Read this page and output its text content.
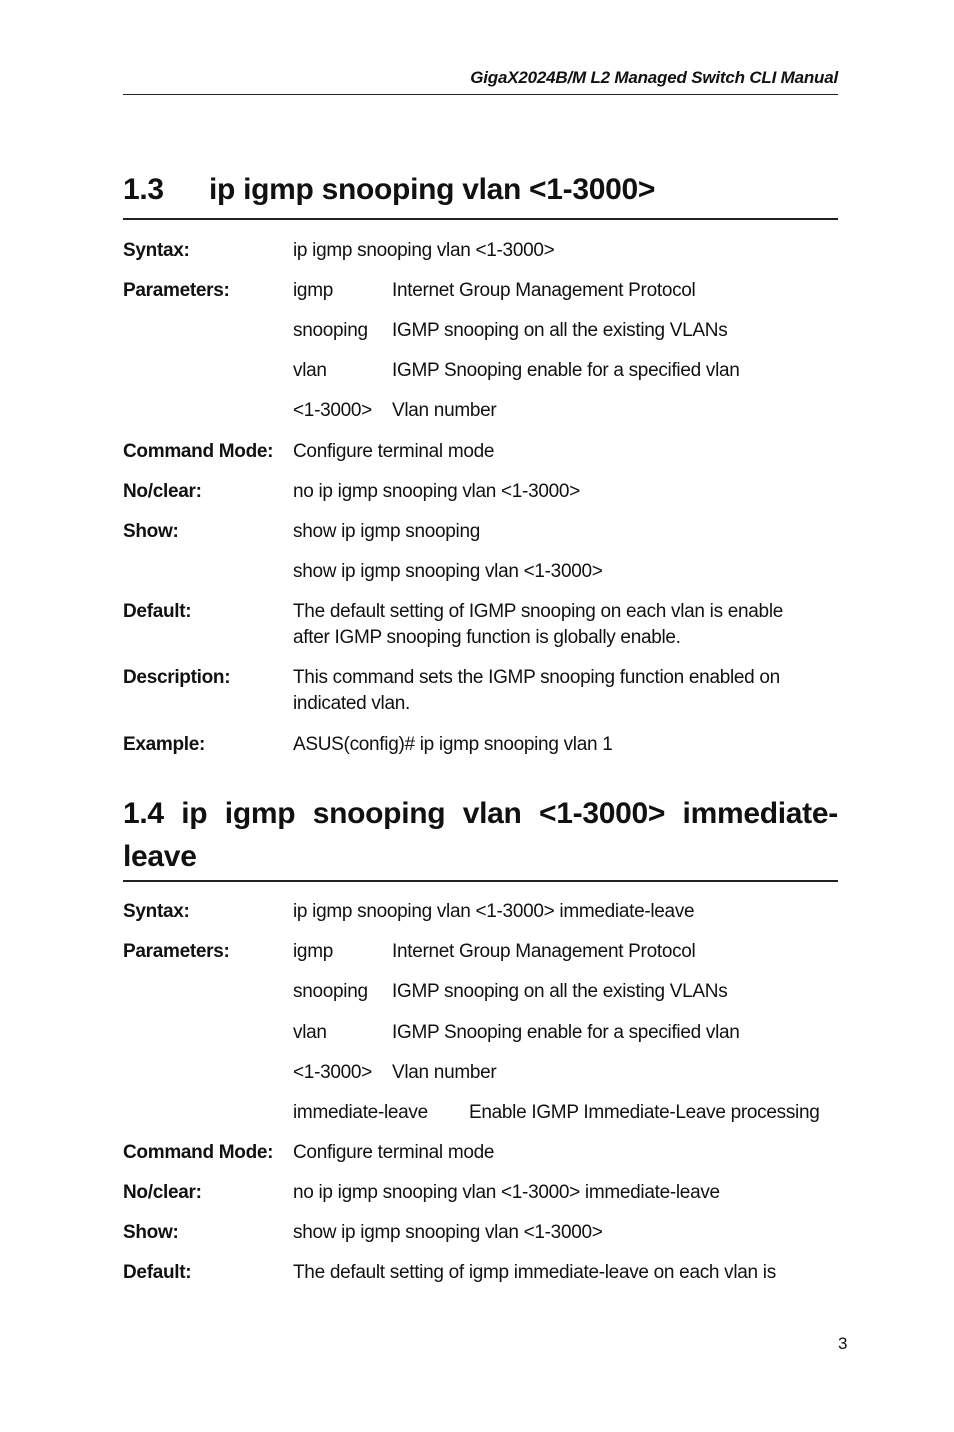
GigaX2024B/M L2 Managed Switch CLI Manual
1.3 ip igmp snooping vlan <1-3000>
Syntax:	ip igmp snooping vlan <1-3000>
Parameters:	igmp	Internet Group Management Protocol
snooping IGMP snooping on all the existing VLANs
vlan	IGMP Snooping enable for a specified vlan
<1-3000> Vlan number
Command Mode: Configure terminal mode
No/clear:	no ip igmp snooping vlan <1-3000>
Show:	show ip igmp snooping
show ip igmp snooping vlan <1-3000>
Default:	The default setting of IGMP snooping on each vlan is enable
after IGMP snooping function is globally enable.
Description:	This command sets the IGMP snooping function enabled on
indicated vlan.
Example:	ASUS(config)# ip igmp snooping vlan 1
1.4 ip igmp snooping vlan <1-3000> immediate-
leave
Syntax:	ip igmp snooping vlan <1-3000> immediate-leave
Parameters:	igmp	Internet Group Management Protocol
snooping IGMP snooping on all the existing VLANs
vlan	IGMP Snooping enable for a specified vlan
<1-3000> Vlan number
immediate-leave Enable IGMP Immediate-Leave processing
Command Mode: Configure terminal mode
No/clear:	no ip igmp snooping vlan <1-3000> immediate-leave
Show:	show ip igmp snooping vlan <1-3000>
Default:	The default setting of igmp immediate-leave on each vlan is
3
